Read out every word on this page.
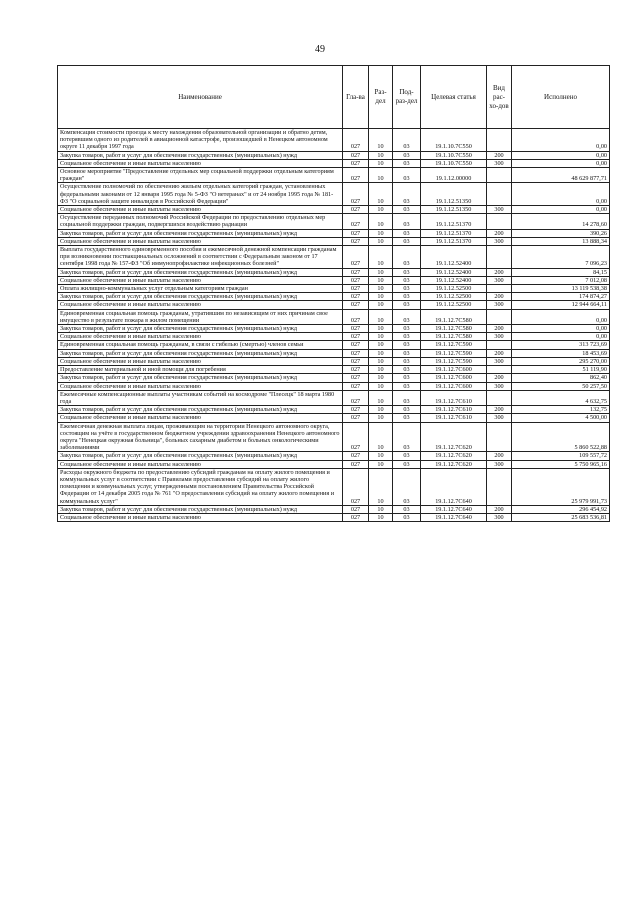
49
Наименование	Гла-ва	Раз-дел	Под-раз-дел	Целевая статья	Вид рас-хо-дов	Исполнено
Компенсация стоимости проезда к месту нахождения образовательной организации и обратно детям, потерявшим одного из родителей в авиационной катастрофе, произошедшей в Ненецком автономном округе 11 декабря 1997 года	027	10	03	19.1.10.7С550		0,00
Закупка товаров, работ и услуг для обеспечения государственных (муниципальных) нужд	027	10	03	19.1.10.7С550	200	0,00
Социальное обеспечение и иные выплаты населению	027	10	03	19.1.10.7С550	300	0,00
Основное мероприятие "Предоставление отдельных мер социальной поддержки отдельным категориям граждан"	027	10	03	19.1.12.00000		48 629 877,71
Осуществление полномочий по обеспечению жильем отдельных категорий граждан, установленных федеральными законами от 12 января 1995 года № 5-ФЗ "О ветеранах" и от 24 ноября 1995 года № 181-ФЗ "О социальной защите инвалидов в Российской Федерации"	027	10	03	19.1.12.51350		0,00
Социальное обеспечение и иные выплаты населению	027	10	03	19.1.12.51350	300	0,00
Осуществление переданных полномочий Российской Федерации по предоставлению отдельных мер социальной поддержки граждан, подвергшихся воздействию радиации	027	10	03	19.1.12.51370		14 278,60
Закупка товаров, работ и услуг для обеспечения государственных (муниципальных) нужд	027	10	03	19.1.12.51370	200	390,26
Социальное обеспечение и иные выплаты населению	027	10	03	19.1.12.51370	300	13 888,34
Выплата государственного единовременного пособия и ежемесячной денежной компенсации гражданам при возникновении поствакцинальных осложнений в соответствии с Федеральным законом от 17 сентября 1998 года № 157-ФЗ "Об иммунопрофилактике инфекционных болезней"	027	10	03	19.1.12.52400		7 096,23
Закупка товаров, работ и услуг для обеспечения государственных (муниципальных) нужд	027	10	03	19.1.12.52400	200	84,15
Социальное обеспечение и иные выплаты населению	027	10	03	19.1.12.52400	300	7 012,08
Оплата жилищно-коммунальных услуг отдельным категориям граждан	027	10	03	19.1.12.52500		13 119 538,38
Закупка товаров, работ и услуг для обеспечения государственных (муниципальных) нужд	027	10	03	19.1.12.52500	200	174 874,27
Социальное обеспечение и иные выплаты населению	027	10	03	19.1.12.52500	300	12 944 664,11
Единовременная социальная помощь гражданам, утратившим по независящим от них причинам свое имущество в результате пожара в жилом помещении	027	10	03	19.1.12.7С580		0,00
Закупка товаров, работ и услуг для обеспечения государственных (муниципальных) нужд	027	10	03	19.1.12.7С580	200	0,00
Социальное обеспечение и иные выплаты населению	027	10	03	19.1.12.7С580	300	0,00
Единовременная социальная помощь гражданам, в связи с гибелью (смертью) членов семьи	027	10	03	19.1.12.7С590		313 723,69
Закупка товаров, работ и услуг для обеспечения государственных (муниципальных) нужд	027	10	03	19.1.12.7С590	200	18 453,69
Социальное обеспечение и иные выплаты населению	027	10	03	19.1.12.7С590	300	295 270,00
Предоставление материальной и иной помощи для погребения	027	10	03	19.1.12.7С600		51 119,90
Закупка товаров, работ и услуг для обеспечения государственных (муниципальных) нужд	027	10	03	19.1.12.7С600	200	862,40
Социальное обеспечение и иные выплаты населению	027	10	03	19.1.12.7С600	300	50 257,50
Ежемесячные компенсационные выплаты участникам событий на космодроме "Плесецк" 18 марта 1980 года	027	10	03	19.1.12.7С610		4 632,75
Закупка товаров, работ и услуг для обеспечения государственных (муниципальных) нужд	027	10	03	19.1.12.7С610	200	132,75
Социальное обеспечение и иные выплаты населению	027	10	03	19.1.12.7С610	300	4 500,00
Ежемесячная денежная выплата лицам, проживающим на территории Ненецкого автономного округа, состоящим на учёте в государственном бюджетном учреждении здравоохранения Ненецкого автономного округа "Ненецкая окружная больница", больных сахарным диабетом и больных онкологическими заболеваниями	027	10	03	19.1.12.7С620		5 860 522,88
Закупка товаров, работ и услуг для обеспечения государственных (муниципальных) нужд	027	10	03	19.1.12.7С620	200	109 557,72
Социальное обеспечение и иные выплаты населению	027	10	03	19.1.12.7С620	300	5 750 965,16
Расходы окружного бюджета по предоставлению субсидий гражданам на оплату жилого помещения и коммунальных услуг в соответствии с Правилами предоставления субсидий на оплату жилого помещения и коммунальных услуг, утвержденными постановлением Правительства Российской Федерации от 14 декабря 2005 года № 761 "О предоставлении субсидий на оплату жилого помещения и коммунальных услуг"	027	10	03	19.1.12.7С640		25 979 991,73
Закупка товаров, работ и услуг для обеспечения государственных (муниципальных) нужд	027	10	03	19.1.12.7С640	200	296 454,92
Социальное обеспечение и иные выплаты населению	027	10	03	19.1.12.7С640	300	25 683 536,81
